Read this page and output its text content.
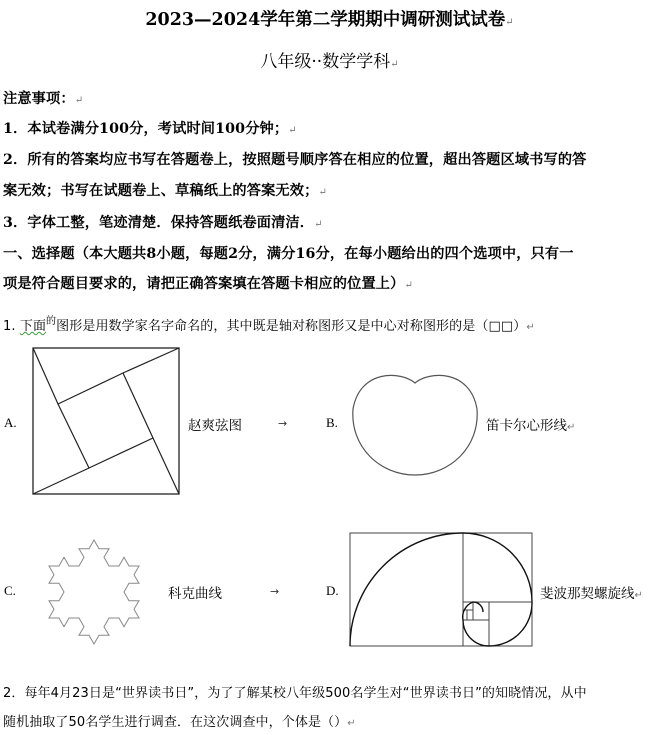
2023—2024学年第二学期期中调研测试试卷↵
八年级··数学学科↵
注意事项：↵
1．本试卷满分100分，考试时间100分钟；↵
2．所有的答案均应书写在答题卷上，按照题号顺序答在相应的位置，超出答题区域书写的答
案无效；书写在试题卷上、草稿纸上的答案无效；↵
3．字体工整，笔迹清楚．保持答题纸卷面清洁．↵
一、选择题（本大题共8小题，每题2分，满分16分，在每小题给出的四个选项中，只有一
项是符合题目要求的，请把正确答案填在答题卡相应的位置上）↵
1. 下面$^的$图形是用数学家名字命名的，其中既是轴对称图形又是中心对称图形的是（□□）↵
A.	赵爽弦图	→	B.	笛卡尔心形线↵
C.	科克曲线	→	D.	斐波那契螺旋线↵
2．每年4月23日是“世界读书日”，为了了解某校八年级500名学生对“世界读书日”的知晓情况，从中
随机抽取了50名学生进行调查．在这次调查中，个体是（）↵
